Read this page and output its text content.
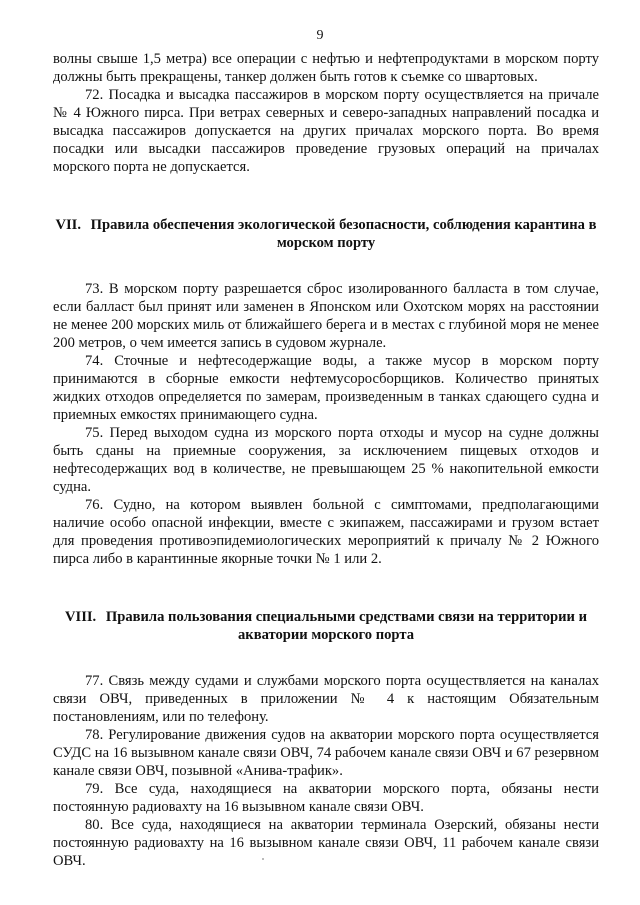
9

волны свыше 1,5 метра) все операции с нефтью и нефтепродуктами в морском порту должны быть прекращены, танкер должен быть готов к съемке со швартовых.

72. Посадка и высадка пассажиров в морском порту осуществляется на причале № 4 Южного пирса. При ветрах северных и северо-западных направлений посадка и высадка пассажиров допускается на других причалах морского порта. Во время посадки или высадки пассажиров проведение грузовых операций на причалах морского порта не допускается.

VII. Правила обеспечения экологической безопасности, соблюдения карантина в морском порту

73. В морском порту разрешается сброс изолированного балласта в том случае, если балласт был принят или заменен в Японском или Охотском морях на расстоянии не менее 200 морских миль от ближайшего берега и в местах с глубиной моря не менее 200 метров, о чем имеется запись в судовом журнале.

74. Сточные и нефтесодержащие воды, а также мусор в морском порту принимаются в сборные емкости нефтемусоросборщиков. Количество принятых жидких отходов определяется по замерам, произведенным в танках сдающего судна и приемных емкостях принимающего судна.

75. Перед выходом судна из морского порта отходы и мусор на судне должны быть сданы на приемные сооружения, за исключением пищевых отходов и нефтесодержащих вод в количестве, не превышающем 25 % накопительной емкости судна.

76. Судно, на котором выявлен больной с симптомами, предполагающими наличие особо опасной инфекции, вместе с экипажем, пассажирами и грузом встает для проведения противоэпидемиологических мероприятий к причалу № 2 Южного пирса либо в карантинные якорные точки № 1 или 2.

VIII. Правила пользования специальными средствами связи на территории и акватории морского порта

77. Связь между судами и службами морского порта осуществляется на каналах связи ОВЧ, приведенных в приложении № 4 к настоящим Обязательным постановлениям, или по телефону.

78. Регулирование движения судов на акватории морского порта осуществляется СУДС на 16 вызывном канале связи ОВЧ, 74 рабочем канале связи ОВЧ и 67 резервном канале связи ОВЧ, позывной «Анива-трафик».

79. Все суда, находящиеся на акватории морского порта, обязаны нести постоянную радиовахту на 16 вызывном канале связи ОВЧ.

80. Все суда, находящиеся на акватории терминала Озерский, обязаны нести постоянную радиовахту на 16 вызывном канале связи ОВЧ, 11 рабочем канале связи ОВЧ.
